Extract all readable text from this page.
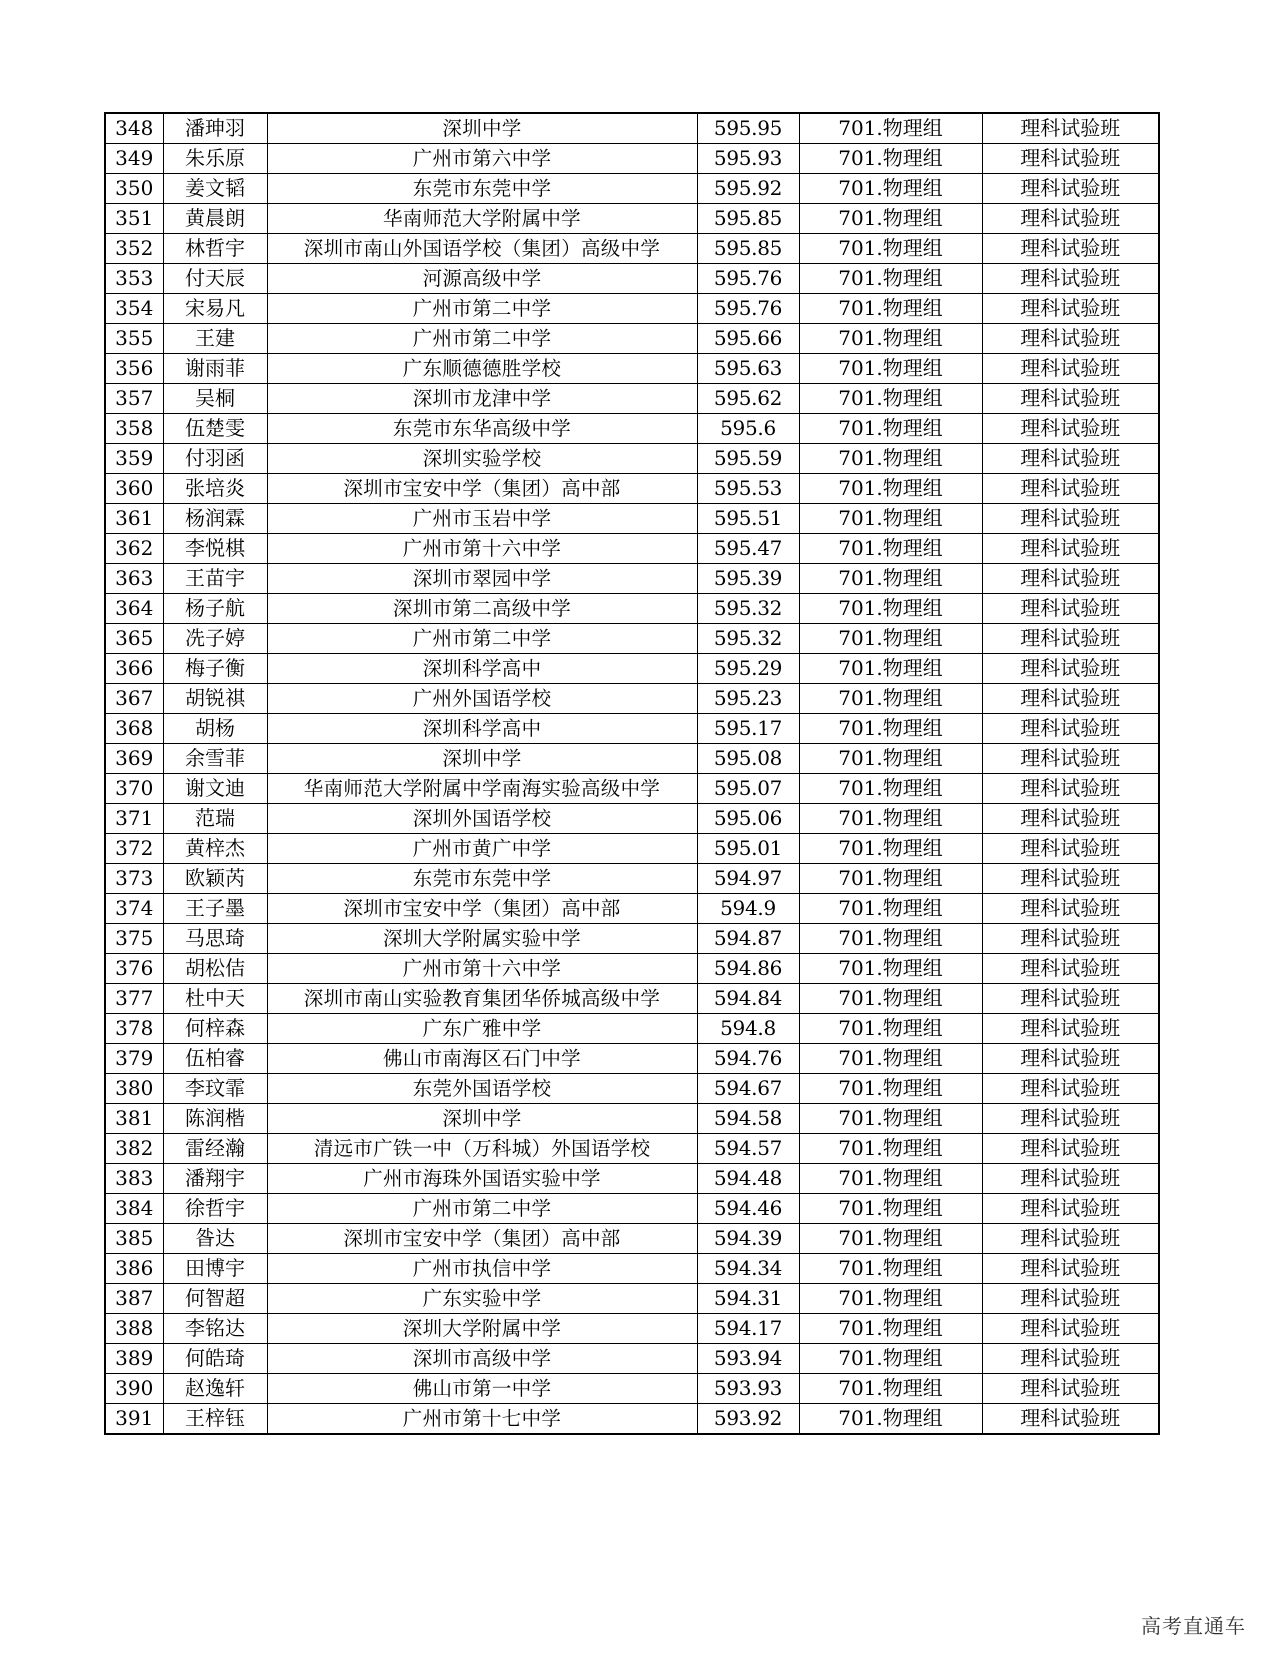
348	潘珅羽	深圳中学	595.95	701.物理组	理科试验班
349	朱乐原	广州市第六中学	595.93	701.物理组	理科试验班
350	姜文韬	东莞市东莞中学	595.92	701.物理组	理科试验班
351	黄晨朗	华南师范大学附属中学	595.85	701.物理组	理科试验班
352	林哲宇	深圳市南山外国语学校（集团）高级中学	595.85	701.物理组	理科试验班
353	付天辰	河源高级中学	595.76	701.物理组	理科试验班
354	宋易凡	广州市第二中学	595.76	701.物理组	理科试验班
355	王建	广州市第二中学	595.66	701.物理组	理科试验班
356	谢雨菲	广东顺德德胜学校	595.63	701.物理组	理科试验班
357	吴桐	深圳市龙津中学	595.62	701.物理组	理科试验班
358	伍楚雯	东莞市东华高级中学	595.6	701.物理组	理科试验班
359	付羽函	深圳实验学校	595.59	701.物理组	理科试验班
360	张培炎	深圳市宝安中学（集团）高中部	595.53	701.物理组	理科试验班
361	杨润霖	广州市玉岩中学	595.51	701.物理组	理科试验班
362	李悦棋	广州市第十六中学	595.47	701.物理组	理科试验班
363	王苗宇	深圳市翠园中学	595.39	701.物理组	理科试验班
364	杨子航	深圳市第二高级中学	595.32	701.物理组	理科试验班
365	冼子婷	广州市第二中学	595.32	701.物理组	理科试验班
366	梅子衡	深圳科学高中	595.29	701.物理组	理科试验班
367	胡锐祺	广州外国语学校	595.23	701.物理组	理科试验班
368	胡杨	深圳科学高中	595.17	701.物理组	理科试验班
369	余雪菲	深圳中学	595.08	701.物理组	理科试验班
370	谢文迪	华南师范大学附属中学南海实验高级中学	595.07	701.物理组	理科试验班
371	范瑞	深圳外国语学校	595.06	701.物理组	理科试验班
372	黄梓杰	广州市黄广中学	595.01	701.物理组	理科试验班
373	欧颖芮	东莞市东莞中学	594.97	701.物理组	理科试验班
374	王子墨	深圳市宝安中学（集团）高中部	594.9	701.物理组	理科试验班
375	马思琦	深圳大学附属实验中学	594.87	701.物理组	理科试验班
376	胡松佶	广州市第十六中学	594.86	701.物理组	理科试验班
377	杜中天	深圳市南山实验教育集团华侨城高级中学	594.84	701.物理组	理科试验班
378	何梓森	广东广雅中学	594.8	701.物理组	理科试验班
379	伍柏睿	佛山市南海区石门中学	594.76	701.物理组	理科试验班
380	李玟霏	东莞外国语学校	594.67	701.物理组	理科试验班
381	陈润楷	深圳中学	594.58	701.物理组	理科试验班
382	雷经瀚	清远市广铁一中（万科城）外国语学校	594.57	701.物理组	理科试验班
383	潘翔宇	广州市海珠外国语实验中学	594.48	701.物理组	理科试验班
384	徐哲宇	广州市第二中学	594.46	701.物理组	理科试验班
385	昝达	深圳市宝安中学（集团）高中部	594.39	701.物理组	理科试验班
386	田博宇	广州市执信中学	594.34	701.物理组	理科试验班
387	何智超	广东实验中学	594.31	701.物理组	理科试验班
388	李铭达	深圳大学附属中学	594.17	701.物理组	理科试验班
389	何皓琦	深圳市高级中学	593.94	701.物理组	理科试验班
390	赵逸轩	佛山市第一中学	593.93	701.物理组	理科试验班
391	王梓钰	广州市第十七中学	593.92	701.物理组	理科试验班
高考直通车
